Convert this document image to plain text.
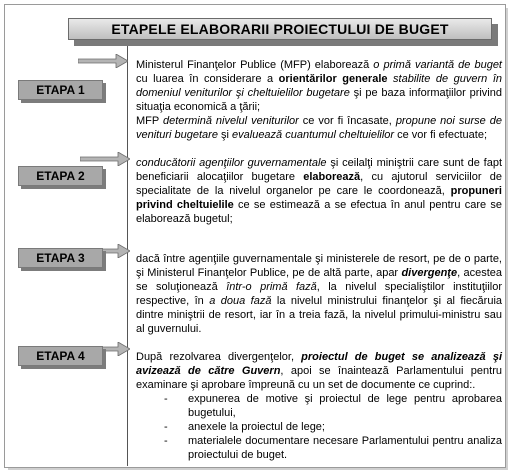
ETAPELE ELABORARII PROIECTULUI DE BUGET
ETAPA 1

Ministerul Finanţelor Publice (MFP) elaborează o primă variantă de buget cu luarea în considerare a orientărilor generale stabilite de guvern în domeniul veniturilor şi cheltuielilor bugetare şi pe baza informaţiilor privind situaţia economică a ţării;

MFP determină nivelul veniturilor ce vor fi încasate, propune noi surse de venituri bugetare şi evaluează cuantumul cheltuielilor ce vor fi efectuate;

ETAPA 2

conducătorii agenţiilor guvernamentale şi ceilalţi miniştrii care sunt de fapt beneficiarii alocaţiilor bugetare elaborează, cu ajutorul serviciilor de specialitate de la nivelul organelor pe care le coordonează, propuneri privind cheltuielile ce se estimează a se efectua în anul pentru care se elaborează bugetul;

ETAPA 3	dacă între agenţiile guvernamentale şi ministerele de resort, pe de o parte, şi Ministerul Finanţelor Publice, pe de altă parte, apar divergenţe, acestea se soluţionează într-o primă fază, la nivelul specialiştilor instituţiilor respective, în a doua fază la nivelul ministrului finanţelor şi al fiecăruia dintre miniştrii de resort, iar în a treia fază, la nivelul primului-ministru sau al guvernului.

ETAPA 4	După rezolvarea divergenţelor, proiectul de buget se analizează şi avizează de către Guvern, apoi se înaintează Parlamentului pentru examinare şi aprobare împreună cu un set de documente ce cuprind:.

- expunerea de motive şi proiectul de lege pentru aprobarea bugetului,
- anexele la proiectul de lege;
- materialele documentare necesare Parlamentului pentru analiza proiectului de buget.
